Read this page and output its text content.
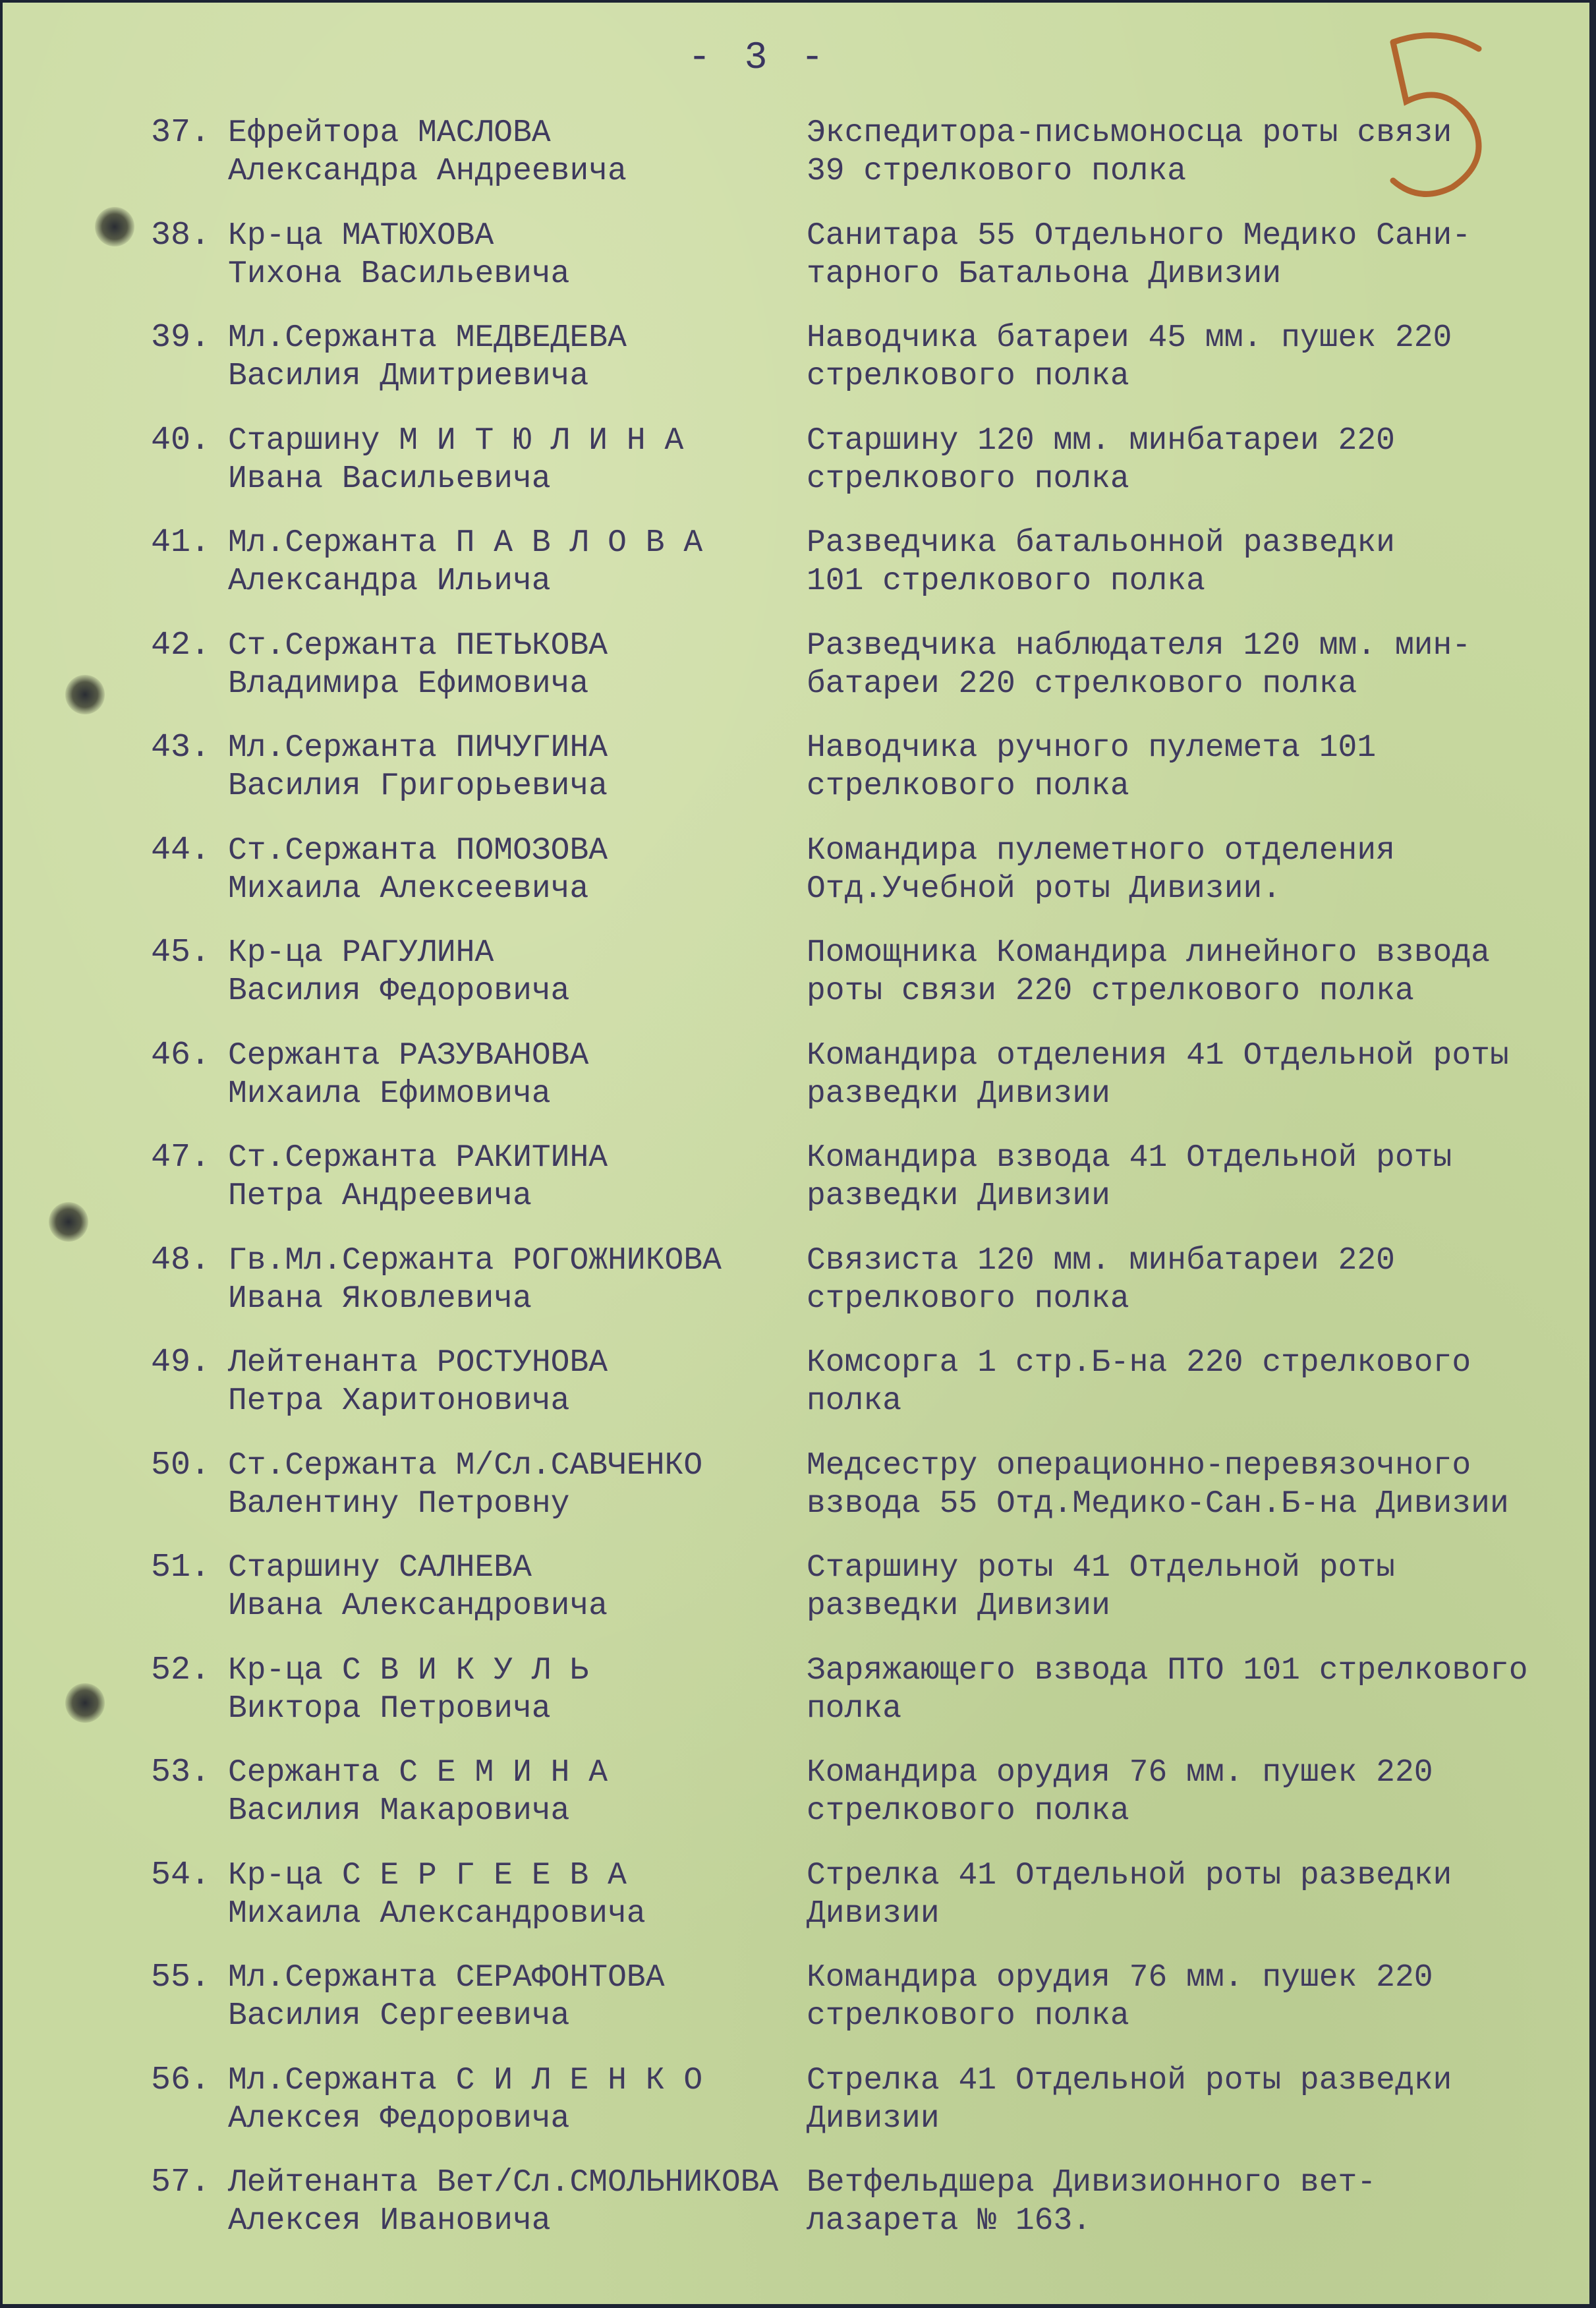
- 3 -
37. Ефрейтора МАСЛОВА
Александра Андреевича
Экспедитора-письмоносца роты связи
39 стрелкового полка
38. Кр-ца МАТЮХОВА
Тихона Васильевича
Санитара 55 Отдельного Медико Сани-
тарного Батальона Дивизии
39. Мл.Сержанта МЕДВЕДЕВА
Василия Дмитриевича
Наводчика батареи 45 мм. пушек 220
стрелкового полка
40. Старшину М И Т Ю Л И Н А
Ивана Васильевича
Старшину 120 мм. минбатареи 220
стрелкового полка
41. Мл.Сержанта П А В Л О В А
Александра Ильича
Разведчика батальонной разведки
101 стрелкового полка
42. Ст.Сержанта ПЕТЬКОВА
Владимира Ефимовича
Разведчика наблюдателя 120 мм. мин-
батареи 220 стрелкового полка
43. Мл.Сержанта ПИЧУГИНА
Василия Григорьевича
Наводчика ручного пулемета 101
стрелкового полка
44. Ст.Сержанта ПОМОЗОВА
Михаила Алексеевича
Командира пулеметного отделения
Отд.Учебной роты Дивизии.
45. Кр-ца РАГУЛИНА
Василия Федоровича
Помощника Командира линейного взвода
роты связи 220 стрелкового полка
46. Сержанта РАЗУВАНОВА
Михаила Ефимовича
Командира отделения 41 Отдельной роты
разведки Дивизии
47. Ст.Сержанта РАКИТИНА
Петра Андреевича
Командира взвода 41 Отдельной роты
разведки Дивизии
48. Гв.Мл.Сержанта РОГОЖНИКОВА
Ивана Яковлевича
Связиста 120 мм. минбатареи 220
стрелкового полка
49. Лейтенанта РОСТУНОВА
Петра Харитоновича
Комсорга 1 стр.Б-на 220 стрелкового
полка
50. Ст.Сержанта М/Сл.САВЧЕНКО
Валентину Петровну
Медсестру операционно-перевязочного
взвода 55 Отд.Медико-Сан.Б-на Дивизии
51. Старшину САЛНЕВА
Ивана Александровича
Старшину роты 41 Отдельной роты
разведки Дивизии
52. Кр-ца С В И К У Л Ь
Виктора Петровича
Заряжающего взвода ПТО 101 стрелкового
полка
53. Сержанта С Е М И Н А
Василия Макаровича
Командира орудия 76 мм. пушек 220
стрелкового полка
54. Кр-ца С Е Р Г Е Е В А
Михаила Александровича
Стрелка 41 Отдельной роты разведки
Дивизии
55. Мл.Сержанта СЕРАФОНТОВА
Василия Сергеевича
Командира орудия 76 мм. пушек 220
стрелкового полка
56. Мл.Сержанта С И Л Е Н К О
Алексея Федоровича
Стрелка 41 Отдельной роты разведки
Дивизии
57. Лейтенанта Вет/Сл.СМОЛЬНИКОВА
Алексея Ивановича
Ветфельдшера Дивизионного вет-
лазарета № 163.
